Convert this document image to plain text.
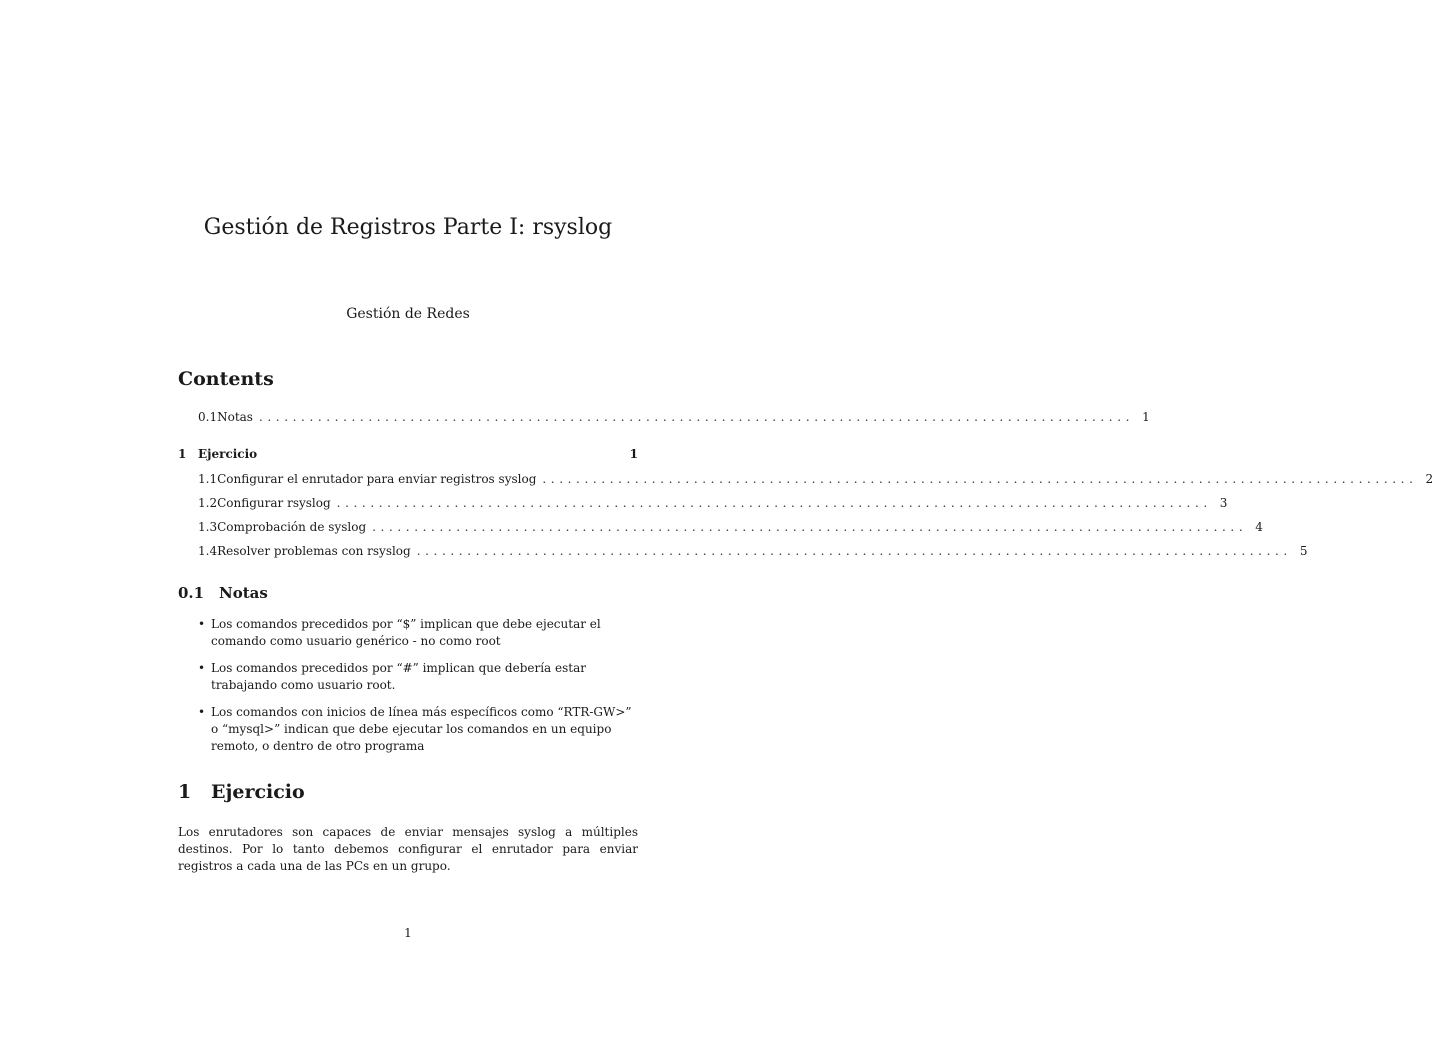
Gestión de Registros Parte I: rsyslog
Gestión de Redes
Contents
0.1 Notas ........................................................................................................ 1
1 Ejercicio	1
1.1 Configurar el enrutador para enviar registros syslog ........................................................................................................ 2
1.2 Configurar rsyslog ........................................................................................................ 3
1.3 Comprobación de syslog ........................................................................................................ 4
1.4 Resolver problemas con rsyslog ........................................................................................................ 5
0.1 Notas
• Los comandos precedidos por “$” implican que debe ejecutar el comando como usuario genérico - no como root
• Los comandos precedidos por “#” implican que debería estar trabajando como usuario root.
• Los comandos con inicios de línea más específicos como “RTR-GW>” o “mysql>” indican que debe ejecutar los comandos en un equipo remoto, o dentro de otro programa
1 Ejercicio

Los enrutadores son capaces de enviar mensajes syslog a múltiples destinos. Por lo tanto debemos configurar el enrutador para enviar registros a cada una de las PCs en un grupo.

1
